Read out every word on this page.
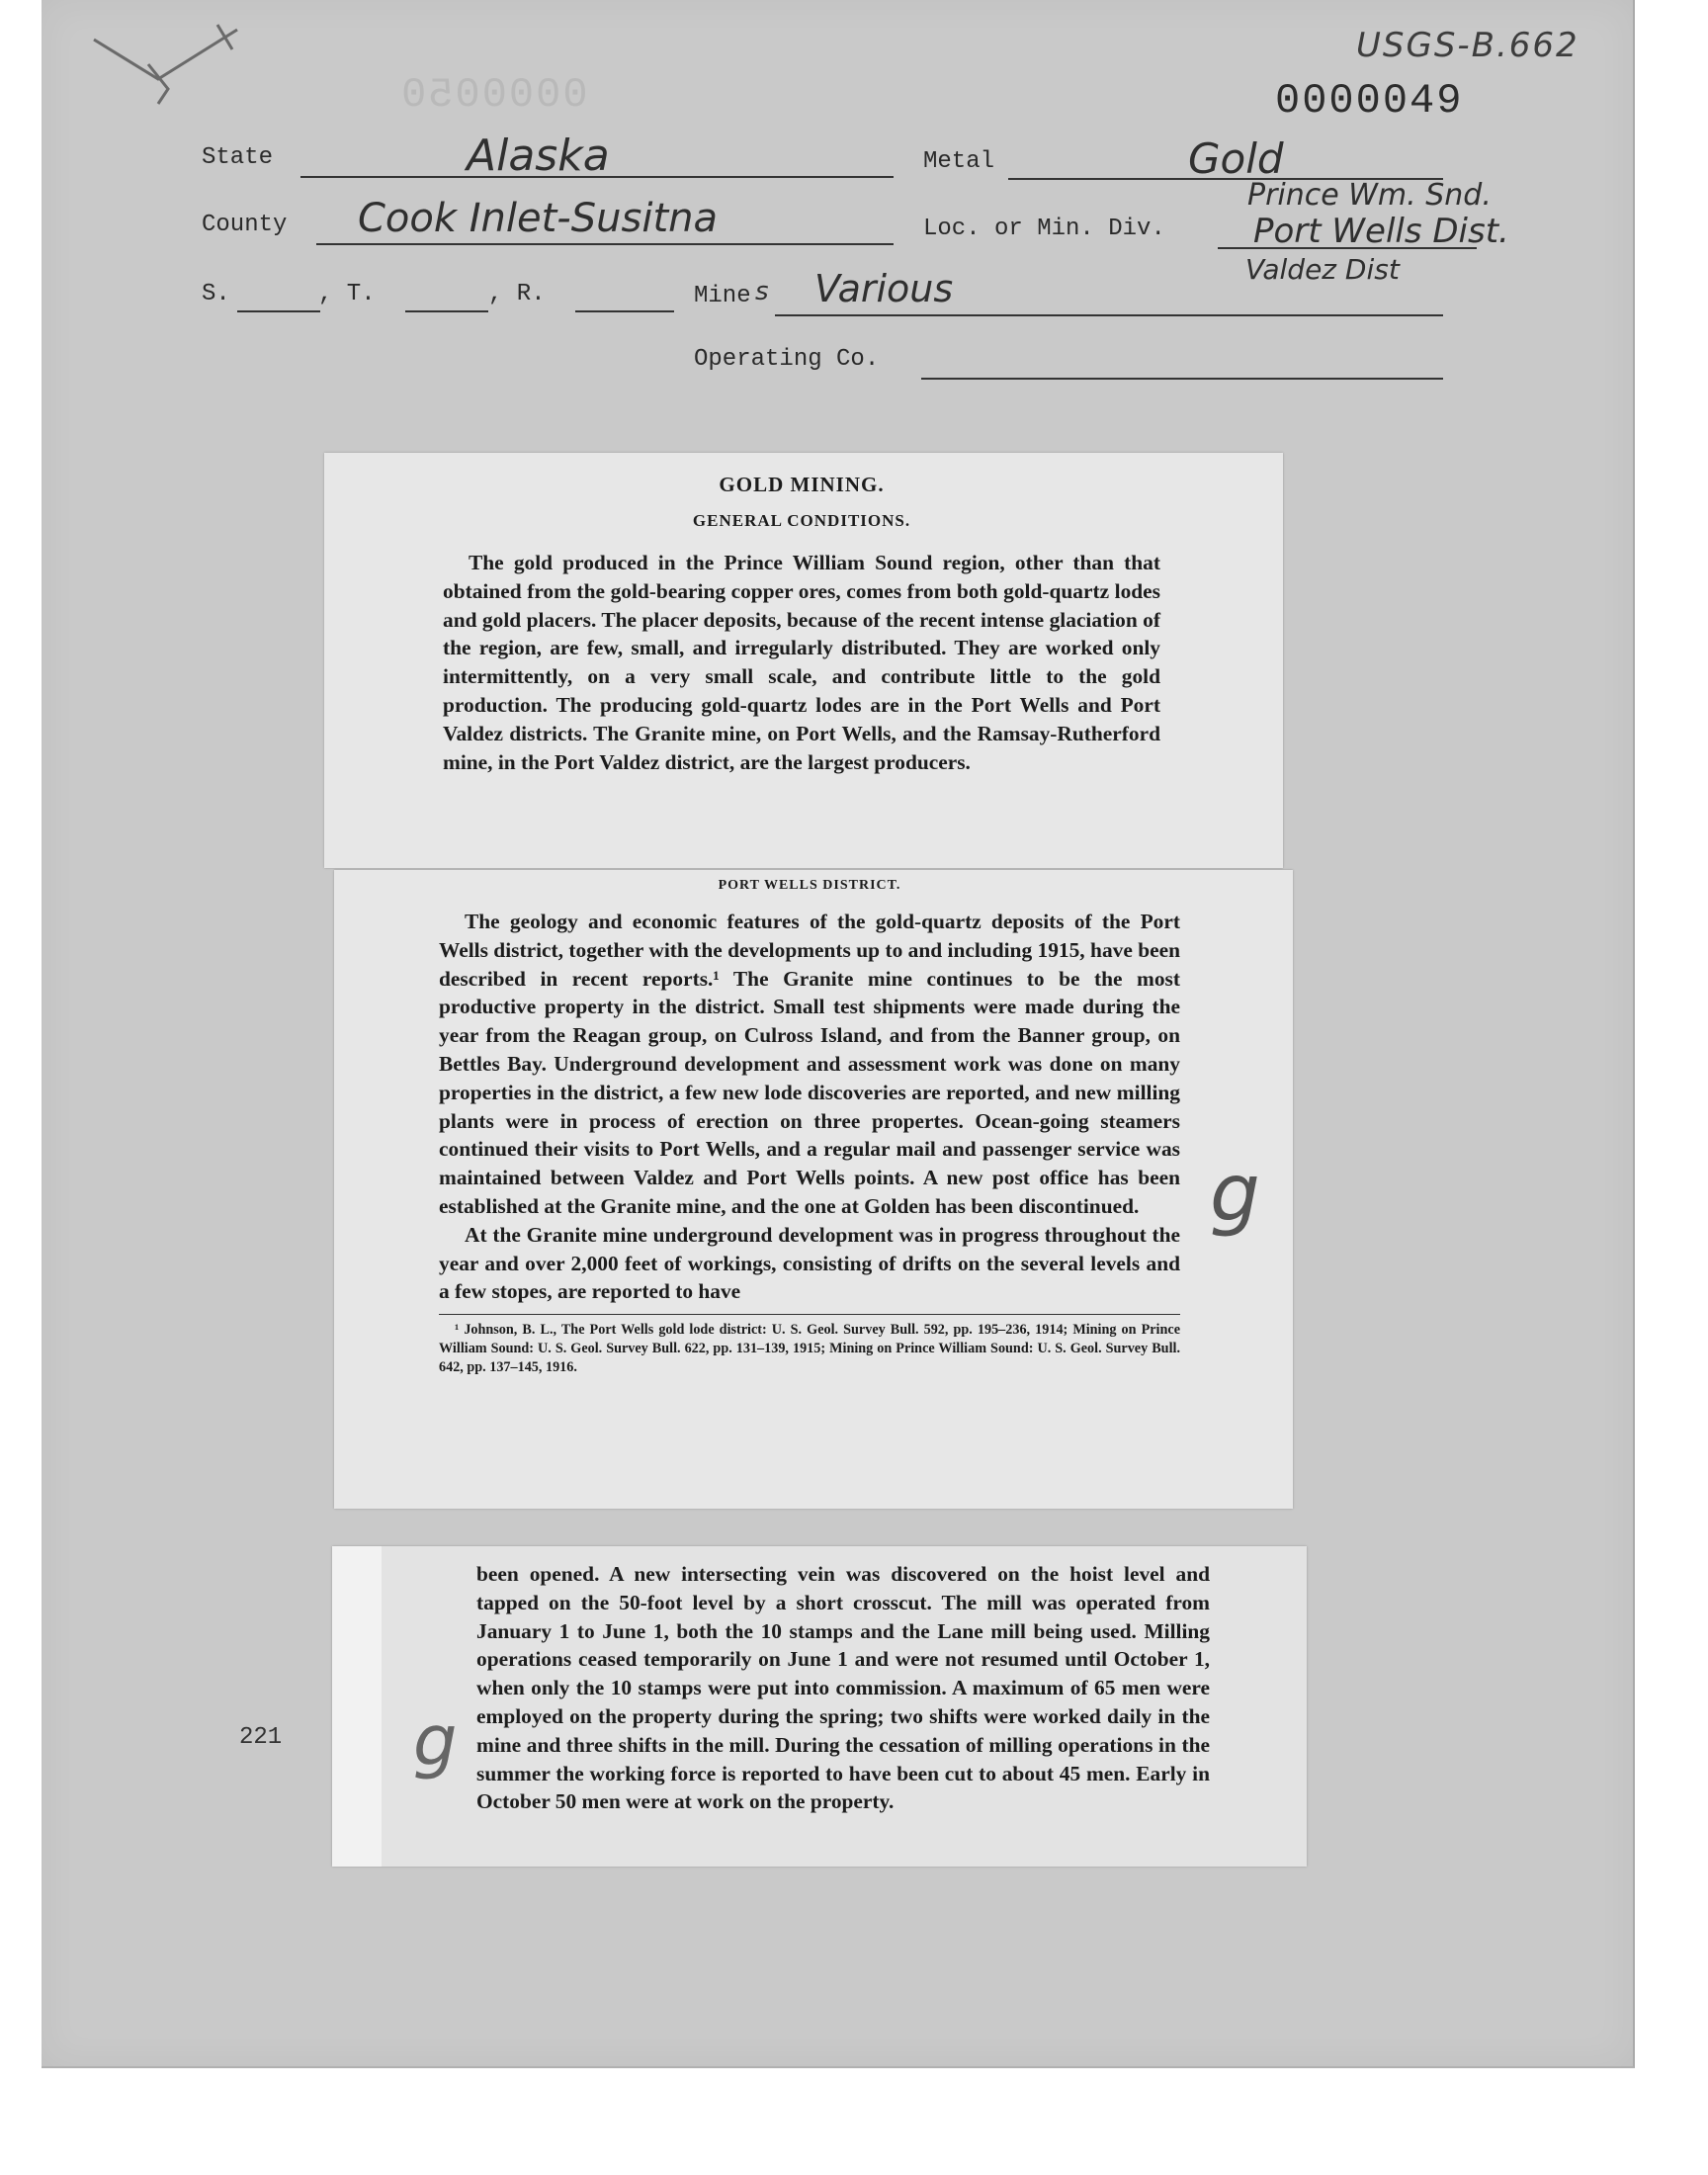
USGS-B.662
0000050	0000049
State	Alaska	Metal	Gold
County Cook Inlet-Susitna	Loc. or Min. Div.
Prince Wm. Snd.
Port Wells Dist.
Valdez Dist
S.	, T.	, R.	Mine s Various
Operating Co.

GOLD MINING.

GENERAL CONDITIONS.

The gold produced in the Prince William Sound region, other than that obtained from the gold-bearing copper ores, comes from both gold-quartz lodes and gold placers. The placer deposits, because of the recent intense glaciation of the region, are few, small, and irregularly distributed. They are worked only intermittently, on a very small scale, and contribute little to the gold production. The producing gold-quartz lodes are in the Port Wells and Port Valdez districts. The Granite mine, on Port Wells, and the Ramsay-Rutherford mine, in the Port Valdez district, are the largest producers.

PORT WELLS DISTRICT.

The geology and economic features of the gold-quartz deposits of the Port Wells district, together with the developments up to and including 1915, have been described in recent reports.¹ The Granite mine continues to be the most productive property in the district. Small test shipments were made during the year from the Reagan group, on Culross Island, and from the Banner group, on Bettles Bay. Underground development and assessment work was done on many properties in the district, a few new lode discoveries are reported, and new milling plants were in process of erection on three propertes. Ocean-going steamers continued their visits to Port Wells, and a regular mail and passenger service was maintained between Valdez and Port Wells points. A new post office has been established at the Granite mine, and the one at Golden has been discontinued.

At the Granite mine underground development was in progress throughout the year and over 2,000 feet of workings, consisting of drifts on the several levels and a few stopes, are reported to have

¹ Johnson, B. L., The Port Wells gold lode district: U. S. Geol. Survey Bull. 592, pp. 195–236, 1914; Mining on Prince William Sound: U. S. Geol. Survey Bull. 622, pp. 131–139, 1915; Mining on Prince William Sound: U. S. Geol. Survey Bull. 642, pp. 137–145, 1916.

been opened. A new intersecting vein was discovered on the hoist level and tapped on the 50-foot level by a short crosscut. The mill was operated from January 1 to June 1, both the 10 stamps and the Lane mill being used. Milling operations ceased temporarily on June 1 and were not resumed until October 1, when only the 10 stamps were put into commission. A maximum of 65 men were employed on the property during the spring; two shifts were worked daily in the mine and three shifts in the mill. During the cessation of milling operations in the summer the working force is reported to have been cut to about 45 men. Early in October 50 men were at work on the property.

g
g
221
